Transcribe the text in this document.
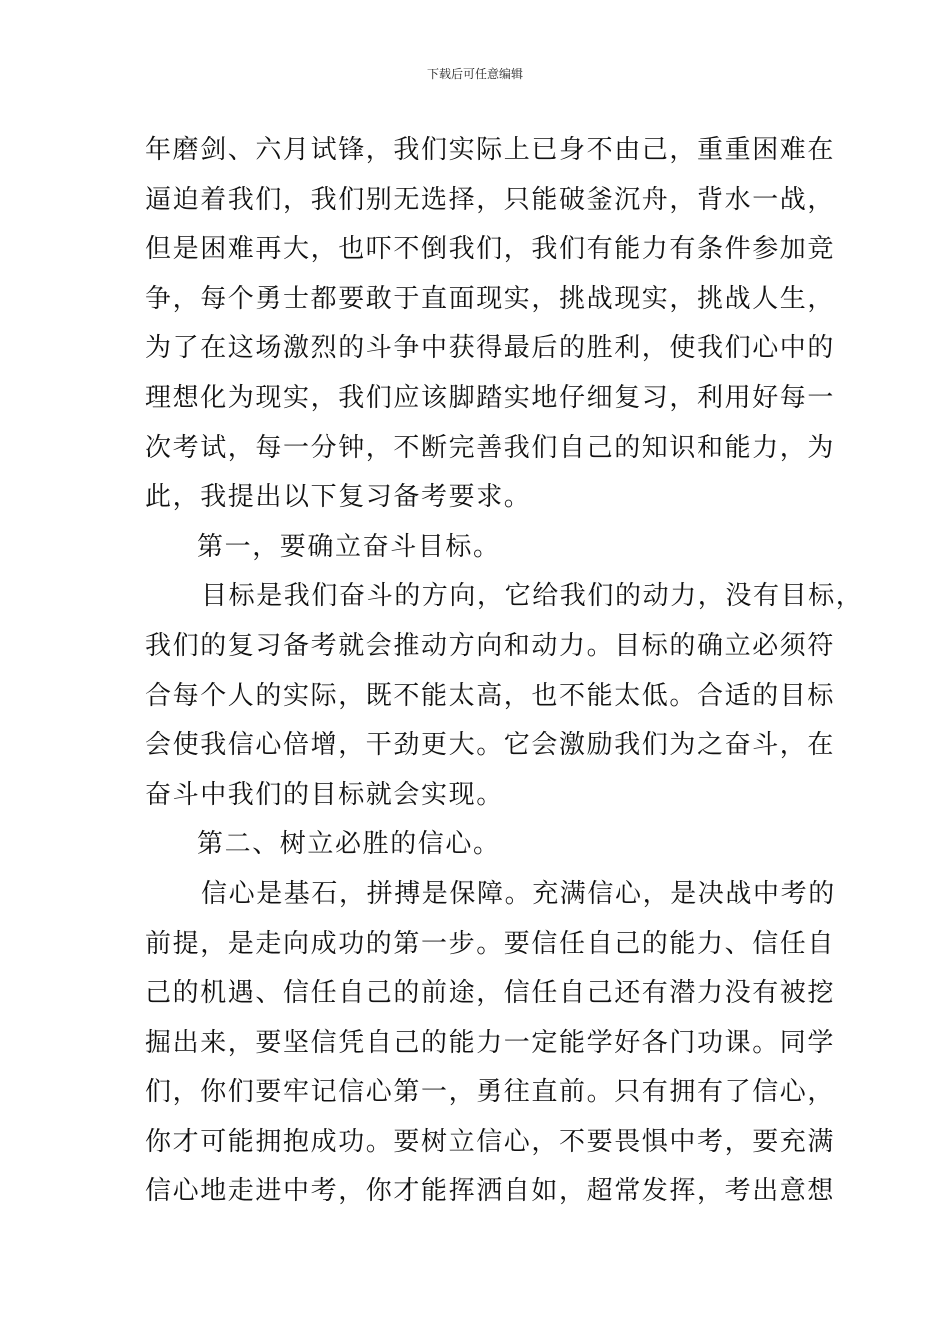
下载后可任意编辑
年磨剑、六月试锋，我们实际上已身不由己，重重困难在
逼迫着我们，我们别无选择，只能破釜沉舟，背水一战，
但是困难再大，也吓不倒我们，我们有能力有条件参加竞
争，每个勇士都要敢于直面现实，挑战现实，挑战人生，
为了在这场激烈的斗争中获得最后的胜利，使我们心中的
理想化为现实，我们应该脚踏实地仔细复习，利用好每一
次考试，每一分钟，不断完善我们自己的知识和能力，为
此，我提出以下复习备考要求。
第一，要确立奋斗目标。
目标是我们奋斗的方向，它给我们的动力，没有目标，
我们的复习备考就会推动方向和动力。目标的确立必须符
合每个人的实际，既不能太高，也不能太低。合适的目标
会使我信心倍增，干劲更大。它会激励我们为之奋斗，在
奋斗中我们的目标就会实现。
第二、树立必胜的信心。
信心是基石，拼搏是保障。充满信心，是决战中考的
前提，是走向成功的第一步。要信任自己的能力、信任自
己的机遇、信任自己的前途，信任自己还有潜力没有被挖
掘出来，要坚信凭自己的能力一定能学好各门功课。同学
们，你们要牢记信心第一，勇往直前。只有拥有了信心，
你才可能拥抱成功。要树立信心，不要畏惧中考，要充满
信心地走进中考，你才能挥洒自如，超常发挥，考出意想
